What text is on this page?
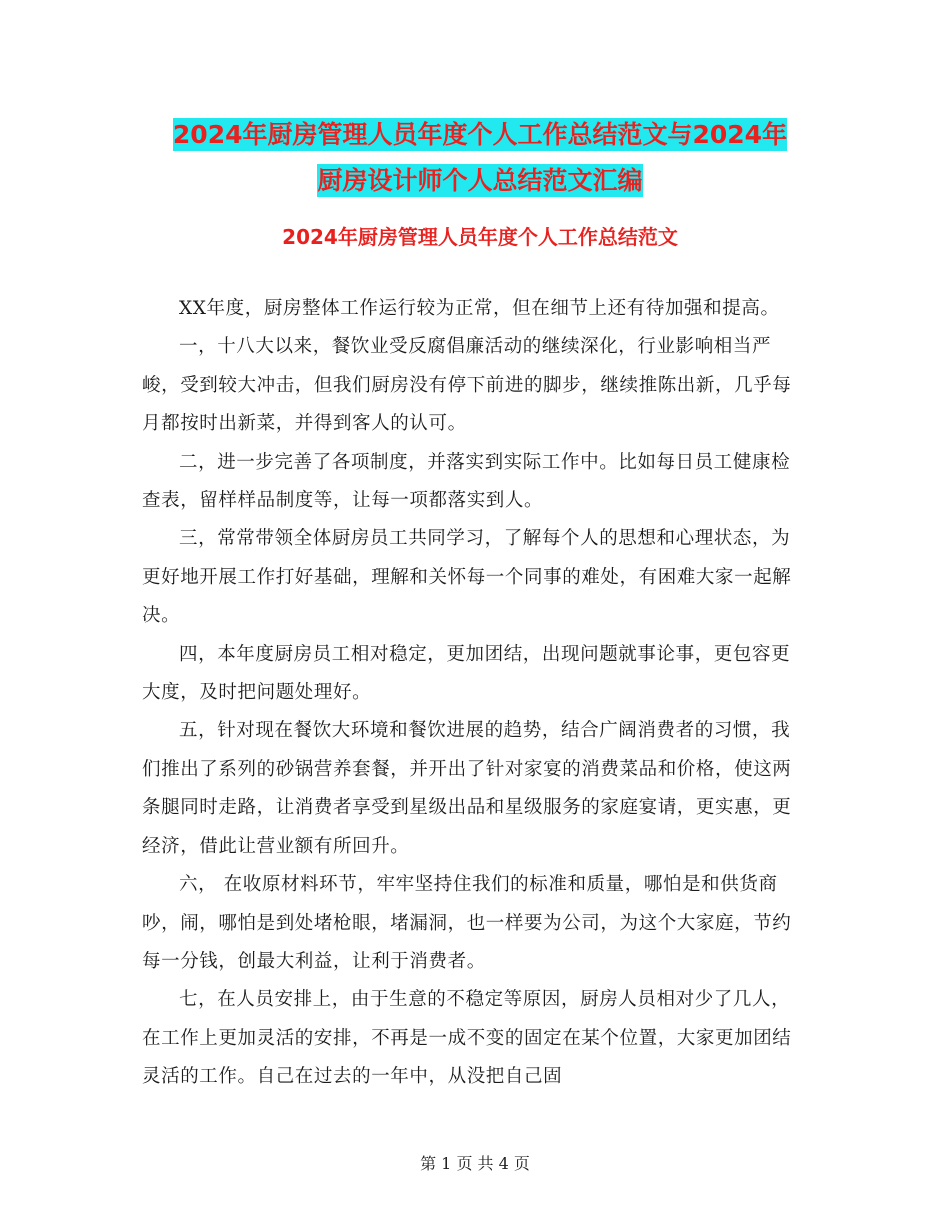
2024年厨房管理人员年度个人工作总结范文与2024年
厨房设计师个人总结范文汇编
2024年厨房管理人员年度个人工作总结范文

XX年度，厨房整体工作运行较为正常，但在细节上还有待加强和提高。

一，十八大以来，餐饮业受反腐倡廉活动的继续深化，行业影响相当严峻，受到较大冲击，但我们厨房没有停下前进的脚步，继续推陈出新，几乎每月都按时出新菜，并得到客人的认可。

二，进一步完善了各项制度，并落实到实际工作中。比如每日员工健康检查表，留样样品制度等，让每一项都落实到人。

三，常常带领全体厨房员工共同学习，了解每个人的思想和心理状态，为更好地开展工作打好基础，理解和关怀每一个同事的难处，有困难大家一起解决。

四，本年度厨房员工相对稳定，更加团结，出现问题就事论事，更包容更大度，及时把问题处理好。

五，针对现在餐饮大环境和餐饮进展的趋势，结合广阔消费者的习惯，我们推出了系列的砂锅营养套餐，并开出了针对家宴的消费菜品和价格，使这两条腿同时走路，让消费者享受到星级出品和星级服务的家庭宴请，更实惠，更经济，借此让营业额有所回升。

六， 在收原材料环节，牢牢坚持住我们的标准和质量，哪怕是和供货商吵，闹，哪怕是到处堵枪眼，堵漏洞，也一样要为公司，为这个大家庭，节约每一分钱，创最大利益，让利于消费者。

七，在人员安排上，由于生意的不稳定等原因，厨房人员相对少了几人，在工作上更加灵活的安排，不再是一成不变的固定在某个位置，大家更加团结灵活的工作。自己在过去的一年中，从没把自己固

第 1 页 共 4 页
